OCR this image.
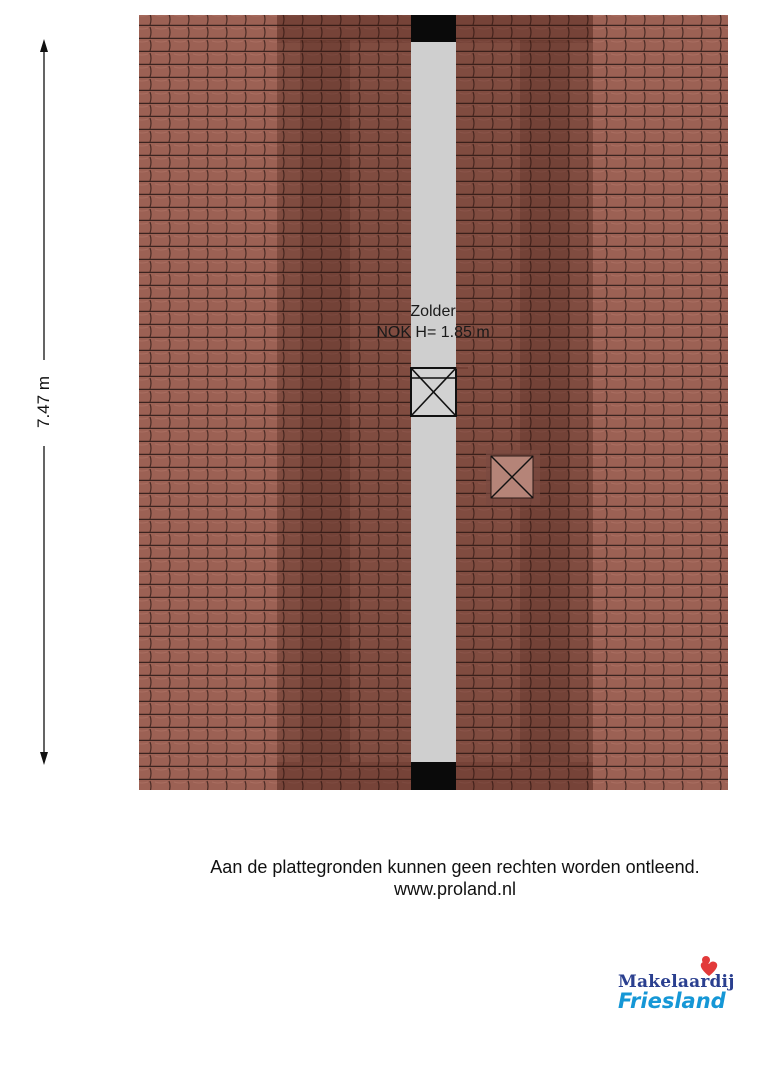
Zolder
NOK H= 1.85 m
7.47 m
Aan de plattegronden kunnen geen rechten worden ontleend.
www.proland.nl
Makelaardij
Friesland
